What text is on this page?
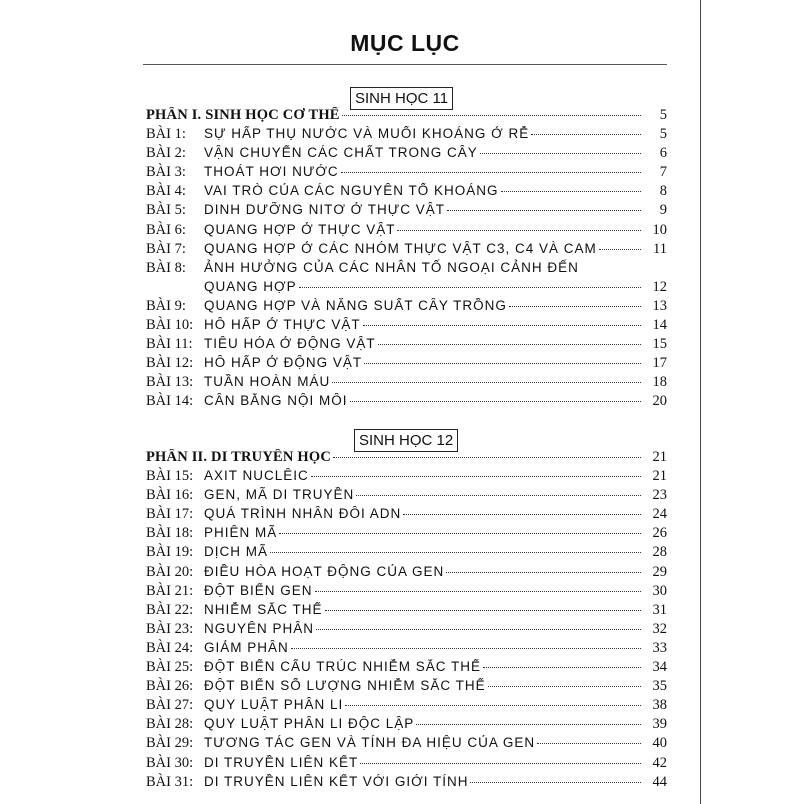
MỤC LỤC
SINH HỌC 11
PHẦN I. SINH HỌC CƠ THỂ	5
BÀI 1:	SỰ HẤP THỤ NƯỚC VÀ MUỐI KHOÁNG Ở RỄ	5
BÀI 2:	VẬN CHUYỂN CÁC CHẤT TRONG CÂY	6
BÀI 3:	THOÁT HƠI NƯỚC	7
BÀI 4:	VAI TRÒ CỦA CÁC NGUYÊN TỐ KHOÁNG	8
BÀI 5:	DINH DƯỠNG NITƠ Ở THỰC VẬT	9
BÀI 6:	QUANG HỢP Ở THỰC VẬT	10
BÀI 7:	QUANG HỢP Ở CÁC NHÓM THỰC VẬT C3, C4 VÀ CAM	11
BÀI 8:	ẢNH HƯỞNG CỦA CÁC NHÂN TỐ NGOẠI CẢNH ĐẾN
QUANG HỢP	12
BÀI 9:	QUANG HỢP VÀ NĂNG SUẤT CÂY TRỒNG	13
BÀI 10: HÔ HẤP Ở THỰC VẬT	14
BÀI 11: TIÊU HÓA Ở ĐỘNG VẬT	15
BÀI 12: HÔ HẤP Ở ĐỘNG VẬT	17
BÀI 13: TUẦN HOÀN MÁU	18
BÀI 14: CÂN BẰNG NỘI MÔI	20
SINH HỌC 12
PHẦN II. DI TRUYỀN HỌC	21
BÀI 15: AXIT NUCLÊIC	21
BÀI 16: GEN, MÃ DI TRUYỀN	23
BÀI 17: QUÁ TRÌNH NHÂN ĐÔI ADN	24
BÀI 18: PHIÊN MÃ	26
BÀI 19: DỊCH MÃ	28
BÀI 20: ĐIỀU HÒA HOẠT ĐỘNG CỦA GEN	29
BÀI 21: ĐỘT BIẾN GEN	30
BÀI 22: NHIỄM SẮC THỂ	31
BÀI 23: NGUYÊN PHÂN	32
BÀI 24: GIẢM PHÂN	33
BÀI 25: ĐỘT BIẾN CẤU TRÚC NHIỄM SẮC THỂ	34
BÀI 26: ĐỘT BIẾN SỐ LƯỢNG NHIỄM SẮC THỂ	35
BÀI 27: QUY LUẬT PHÂN LI	38
BÀI 28: QUY LUẬT PHÂN LI ĐỘC LẬP	39
BÀI 29: TƯƠNG TÁC GEN VÀ TÍNH ĐA HIỆU CỦA GEN	40
BÀI 30: DI TRUYỀN LIÊN KẾT	42
BÀI 31: DI TRUYỀN LIÊN KẾT VỚI GIỚI TÍNH	44
